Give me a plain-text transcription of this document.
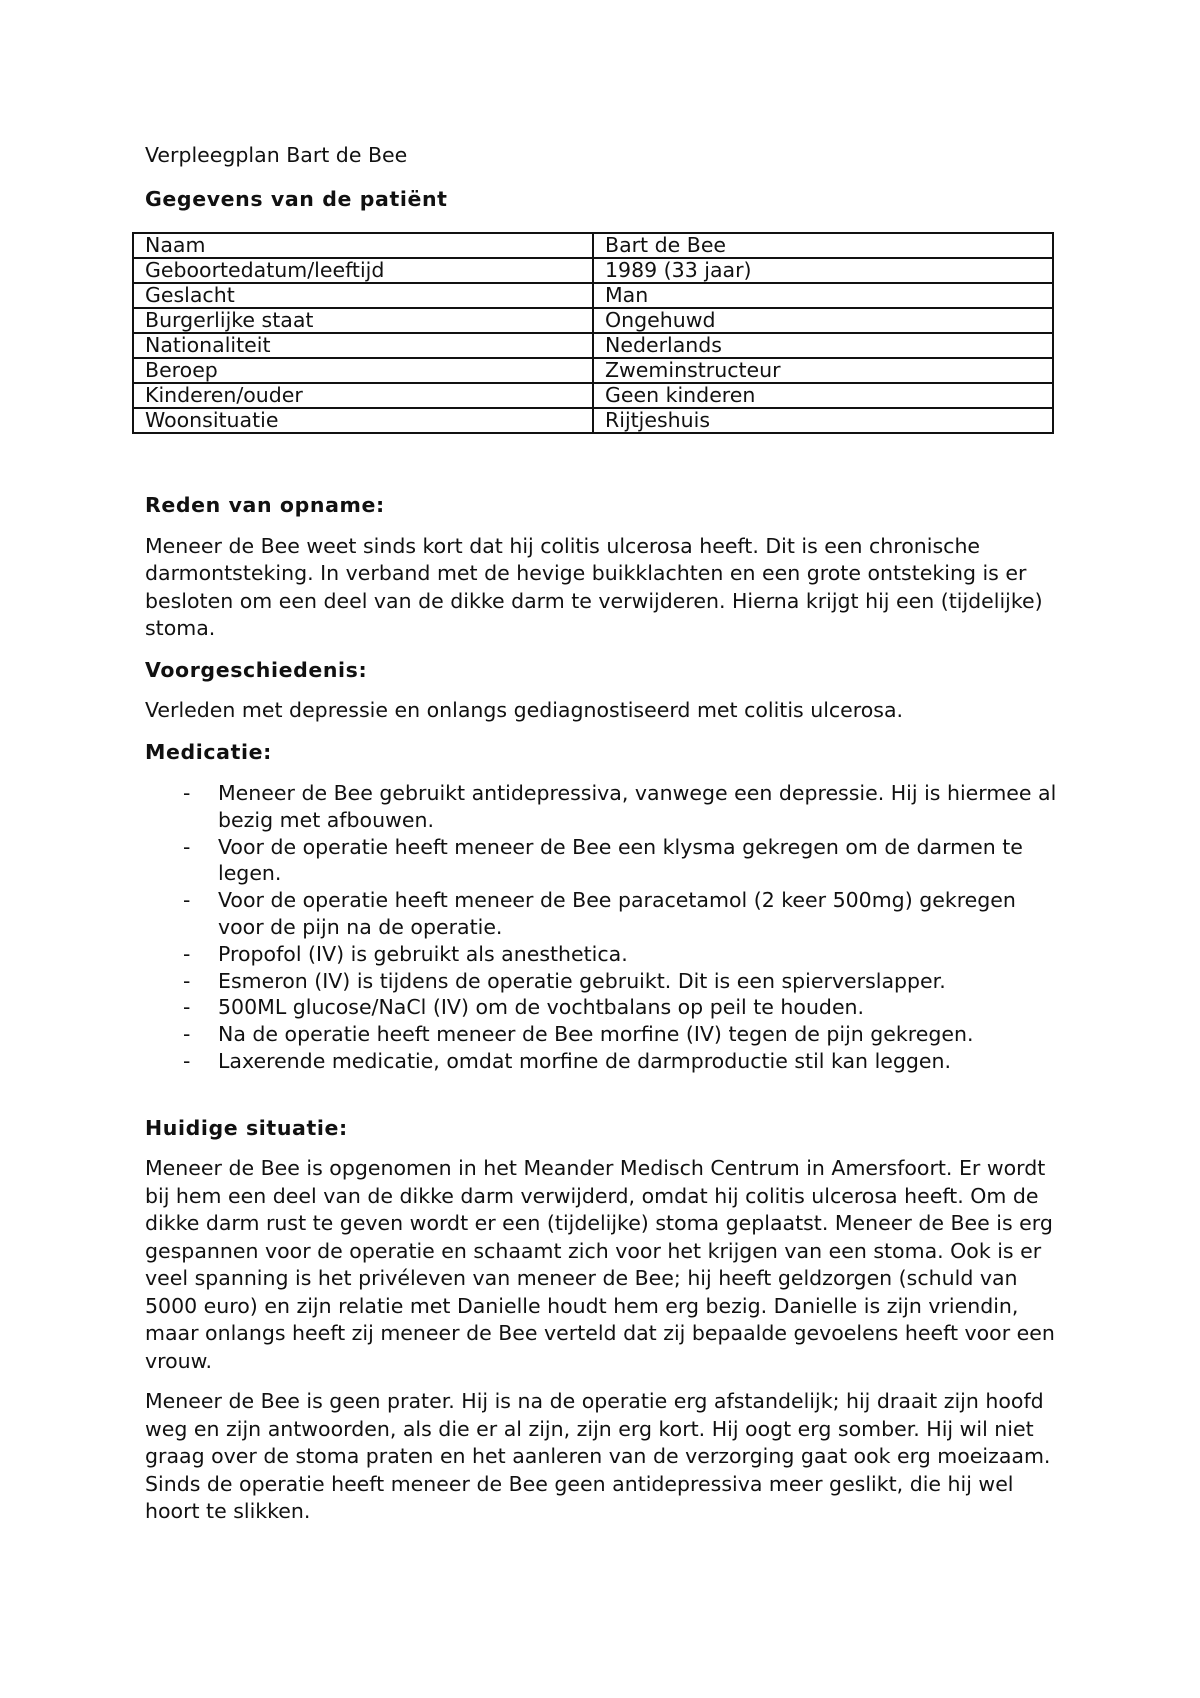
Verpleegplan Bart de Bee

Gegevens van de patiënt

Naam	Bart de Bee
Geboortedatum/leeftijd	1989 (33 jaar)
Geslacht	Man
Burgerlijke staat	Ongehuwd
Nationaliteit	Nederlands
Beroep	Zweminstructeur
Kinderen/ouder	Geen kinderen
Woonsituatie	Rijtjeshuis

Reden van opname:

Meneer de Bee weet sinds kort dat hij colitis ulcerosa heeft. Dit is een chronische darmontsteking. In verband met de hevige buikklachten en een grote ontsteking is er besloten om een deel van de dikke darm te verwijderen. Hierna krijgt hij een (tijdelijke) stoma.

Voorgeschiedenis:

Verleden met depressie en onlangs gediagnostiseerd met colitis ulcerosa.

Medicatie:

- Meneer de Bee gebruikt antidepressiva, vanwege een depressie. Hij is hiermee al bezig met afbouwen.
- Voor de operatie heeft meneer de Bee een klysma gekregen om de darmen te legen.
- Voor de operatie heeft meneer de Bee paracetamol (2 keer 500mg) gekregen voor de pijn na de operatie.
- Propofol (IV) is gebruikt als anesthetica.
- Esmeron (IV) is tijdens de operatie gebruikt. Dit is een spierverslapper.
- 500ML glucose/NaCl (IV) om de vochtbalans op peil te houden.
- Na de operatie heeft meneer de Bee morfine (IV) tegen de pijn gekregen.
- Laxerende medicatie, omdat morfine de darmproductie stil kan leggen.

Huidige situatie:

Meneer de Bee is opgenomen in het Meander Medisch Centrum in Amersfoort. Er wordt bij hem een deel van de dikke darm verwijderd, omdat hij colitis ulcerosa heeft. Om de dikke darm rust te geven wordt er een (tijdelijke) stoma geplaatst. Meneer de Bee is erg gespannen voor de operatie en schaamt zich voor het krijgen van een stoma. Ook is er veel spanning is het privéleven van meneer de Bee; hij heeft geldzorgen (schuld van 5000 euro) en zijn relatie met Danielle houdt hem erg bezig. Danielle is zijn vriendin, maar onlangs heeft zij meneer de Bee verteld dat zij bepaalde gevoelens heeft voor een vrouw.

Meneer de Bee is geen prater. Hij is na de operatie erg afstandelijk; hij draait zijn hoofd weg en zijn antwoorden, als die er al zijn, zijn erg kort. Hij oogt erg somber. Hij wil niet graag over de stoma praten en het aanleren van de verzorging gaat ook erg moeizaam. Sinds de operatie heeft meneer de Bee geen antidepressiva meer geslikt, die hij wel hoort te slikken.
